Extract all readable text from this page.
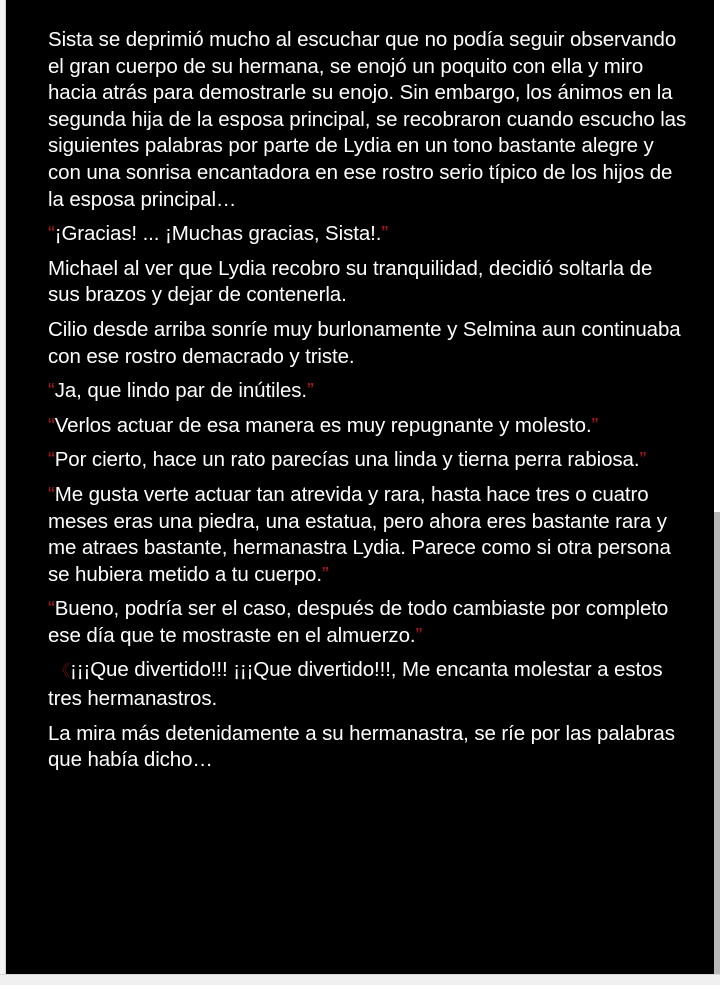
Sista se deprimió mucho al escuchar que no podía seguir observando el gran cuerpo de su hermana, se enojó un poquito con ella y miro hacia atrás para demostrarle su enojo. Sin embargo, los ánimos en la segunda hija de la esposa principal, se recobraron cuando escucho las siguientes palabras por parte de Lydia en un tono bastante alegre y con una sonrisa encantadora en ese rostro serio típico de los hijos de la esposa principal…

“¡Gracias! ... ¡Muchas gracias, Sista!.”

Michael al ver que Lydia recobro su tranquilidad, decidió soltarla de sus brazos y dejar de contenerla.

Cilio desde arriba sonríe muy burlonamente y Selmina aun continuaba con ese rostro demacrado y triste.

“Ja, que lindo par de inútiles.”

“Verlos actuar de esa manera es muy repugnante y molesto.”

“Por cierto, hace un rato parecías una linda y tierna perra rabiosa.”

“Me gusta verte actuar tan atrevida y rara, hasta hace tres o cuatro meses eras una piedra, una estatua, pero ahora eres bastante rara y me atraes bastante, hermanastra Lydia. Parece como si otra persona se hubiera metido a tu cuerpo.”

“Bueno, podría ser el caso, después de todo cambiaste por completo ese día que te mostraste en el almuerzo.”

《¡¡¡Que divertido!!! ¡¡¡Que divertido!!!, Me encanta molestar a estos tres hermanastros.

La mira más detenidamente a su hermanastra, se ríe por las palabras que había dicho…
